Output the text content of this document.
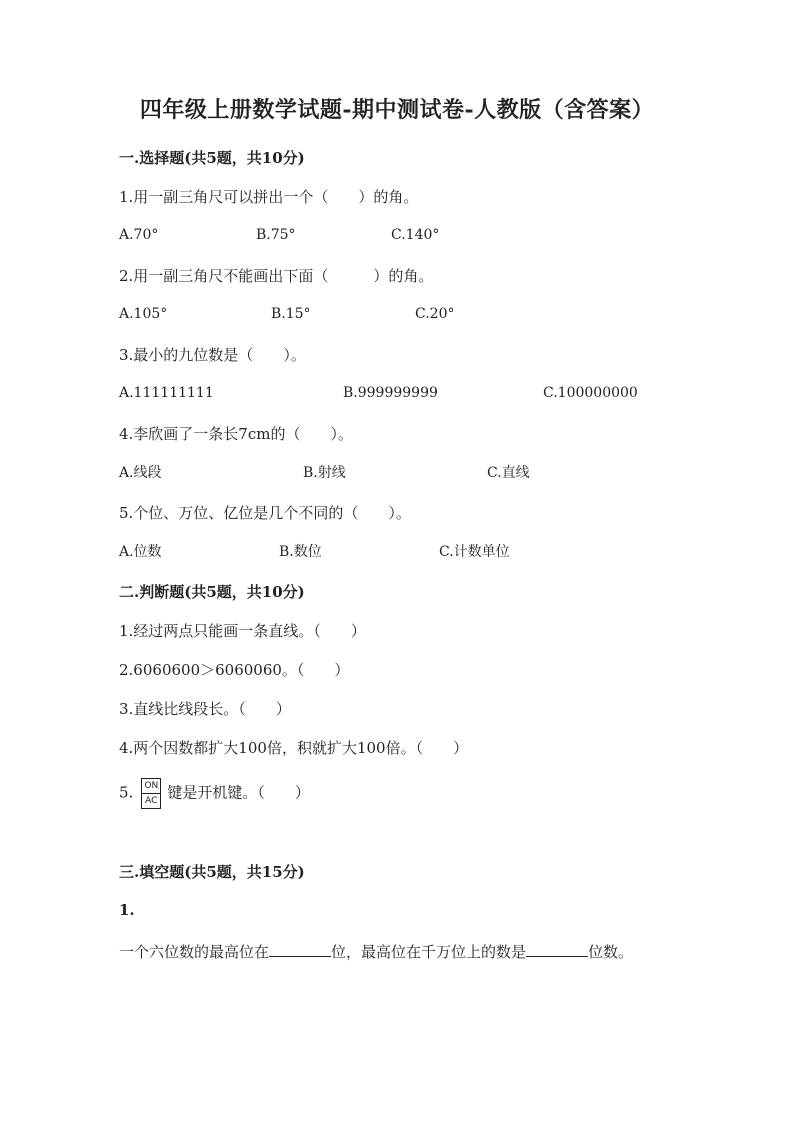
四年级上册数学试题-期中测试卷-人教版（含答案）
一.选择题(共5题，共10分)
1.用一副三角尺可以拼出一个（　　）的角。
A.70°	B.75°	C.140°
2.用一副三角尺不能画出下面（　　　）的角。
A.105°	B.15°	C.20°
3.最小的九位数是（　　）。
A.111111111	B.999999999	C.100000000
4.李欣画了一条长7cm的（　　）。
A.线段	B.射线	C.直线
5.个位、万位、亿位是几个不同的（　　）。
A.位数	B.数位	C.计数单位
二.判断题(共5题，共10分)
1.经过两点只能画一条直线。（　　）
2.6060600＞6060060。（　　）
3.直线比线段长。（　　）
4.两个因数都扩大100倍，积就扩大100倍。（　　）
5. $\frac{ON}{AC}$ 键是开机键。（　　）
三.填空题(共5题，共15分)
1.
一个六位数的最高位在	位，最高位在千万位上的数是	位数。
